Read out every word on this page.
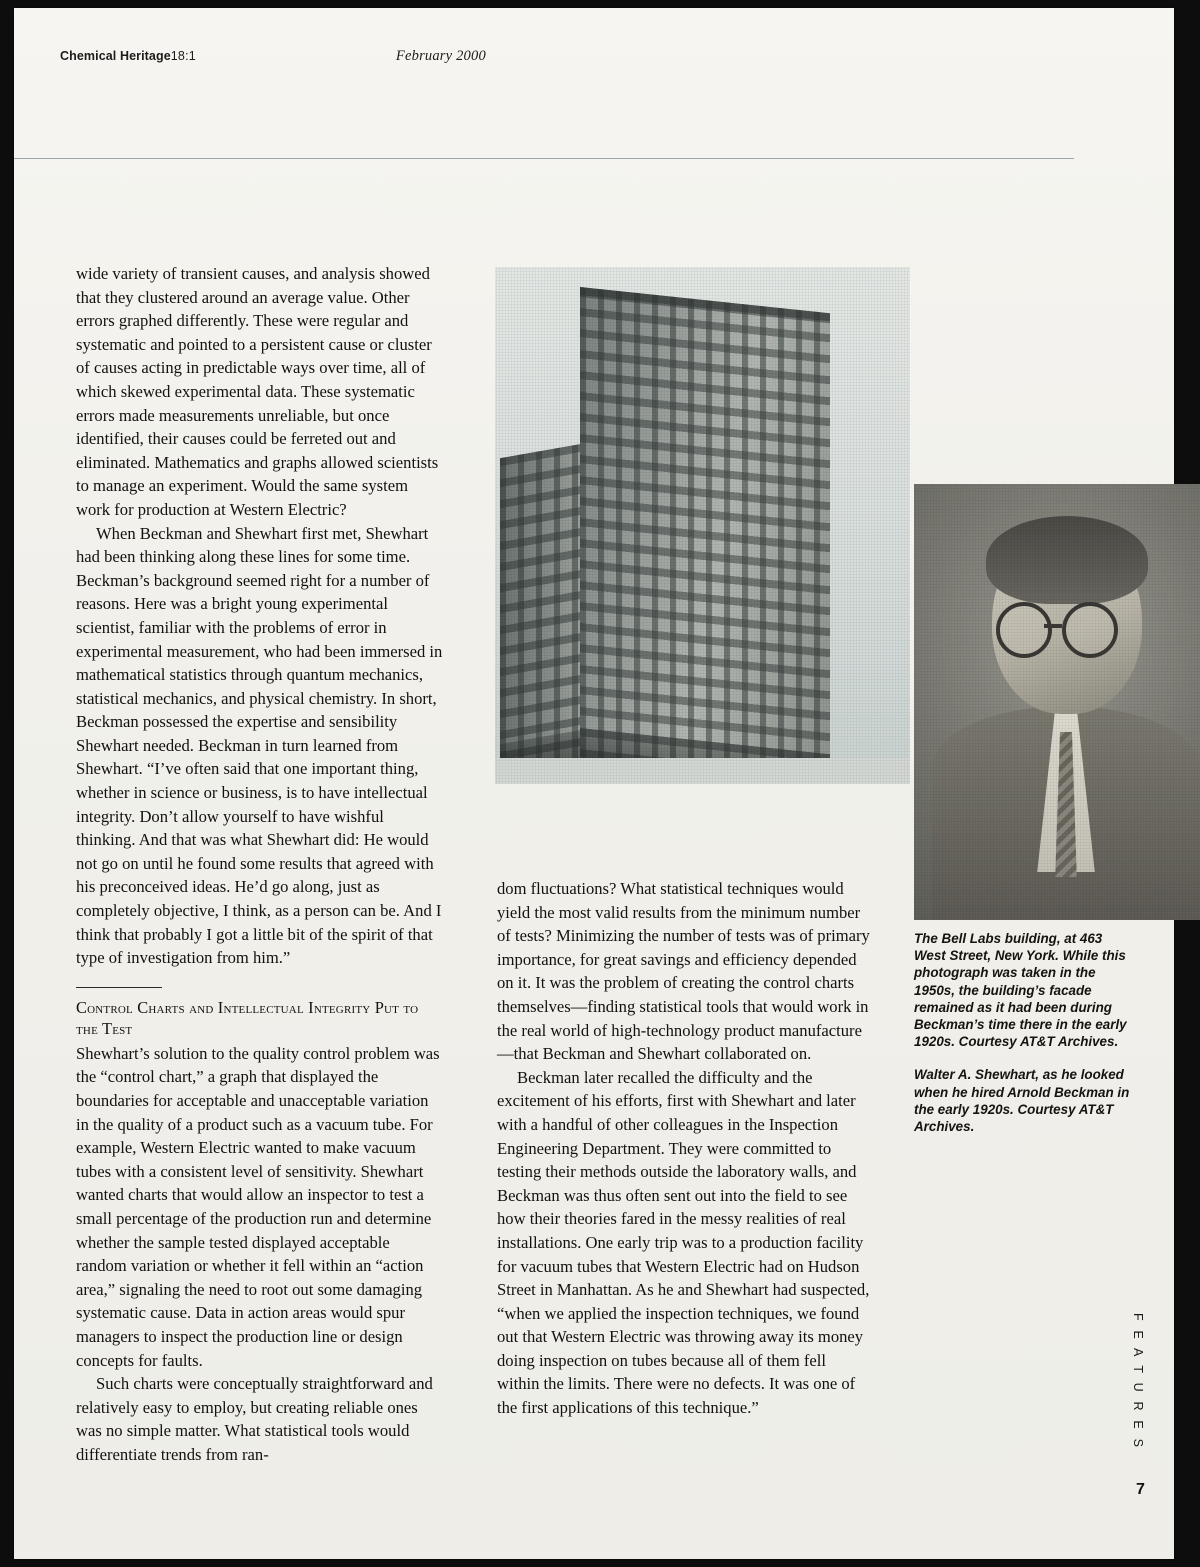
Chemical Heritage18:1	February 2000

wide variety of transient causes, and analysis showed that they clustered around an average value. Other errors graphed differently. These were regular and systematic and pointed to a persistent cause or cluster of causes acting in predictable ways over time, all of which skewed experimental data. These systematic errors made measurements unreliable, but once identified, their causes could be ferreted out and eliminated. Mathematics and graphs allowed scientists to manage an experiment. Would the same system work for production at Western Electric?

When Beckman and Shewhart first met, Shewhart had been thinking along these lines for some time. Beckman’s background seemed right for a number of reasons. Here was a bright young experimental scientist, familiar with the problems of error in experimental measurement, who had been immersed in mathematical statistics through quantum mechanics, statistical mechanics, and physical chemistry. In short, Beckman possessed the expertise and sensibility Shewhart needed. Beckman in turn learned from Shewhart. “I’ve often said that one important thing, whether in science or business, is to have intellectual integrity. Don’t allow yourself to have wishful thinking. And that was what Shewhart did: He would not go on until he found some results that agreed with his preconceived ideas. He’d go along, just as completely objective, I think, as a person can be. And I think that probably I got a little bit of the spirit of that type of investigation from him.”

Control Charts and Intellectual Integrity Put to the Test

Shewhart’s solution to the quality control problem was the “control chart,” a graph that displayed the boundaries for acceptable and unacceptable variation in the quality of a product such as a vacuum tube. For example, Western Electric wanted to make vacuum tubes with a consistent level of sensitivity. Shewhart wanted charts that would allow an inspector to test a small percentage of the production run and determine whether the sample tested displayed acceptable random variation or whether it fell within an “action area,” signaling the need to root out some damaging systematic cause. Data in action areas would spur managers to inspect the production line or design concepts for faults.

Such charts were conceptually straightforward and relatively easy to employ, but creating reliable ones was no simple matter. What statistical tools would differentiate trends from ran-

dom fluctuations? What statistical techniques would yield the most valid results from the minimum number of tests? Minimizing the number of tests was of primary importance, for great savings and efficiency depended on it. It was the problem of creating the control charts themselves—finding statistical tools that would work in the real world of high-technology product manufacture—that Beckman and Shewhart collaborated on.

Beckman later recalled the difficulty and the excitement of his efforts, first with Shewhart and later with a handful of other colleagues in the Inspection Engineering Department. They were committed to testing their methods outside the laboratory walls, and Beckman was thus often sent out into the field to see how their theories fared in the messy realities of real installations. One early trip was to a production facility for vacuum tubes that Western Electric had on Hudson Street in Manhattan. As he and Shewhart had suspected, “when we applied the inspection techniques, we found out that Western Electric was throwing away its money doing inspection on tubes because all of them fell within the limits. There were no defects. It was one of the first applications of this technique.”

The Bell Labs building, at 463 West Street, New York. While this photograph was taken in the 1950s, the building’s facade remained as it had been during Beckman’s time there in the early 1920s. Courtesy AT&T Archives.

Walter A. Shewhart, as he looked when he hired Arnold Beckman in the early 1920s. Courtesy AT&T Archives.

F E A T U R E S
7
